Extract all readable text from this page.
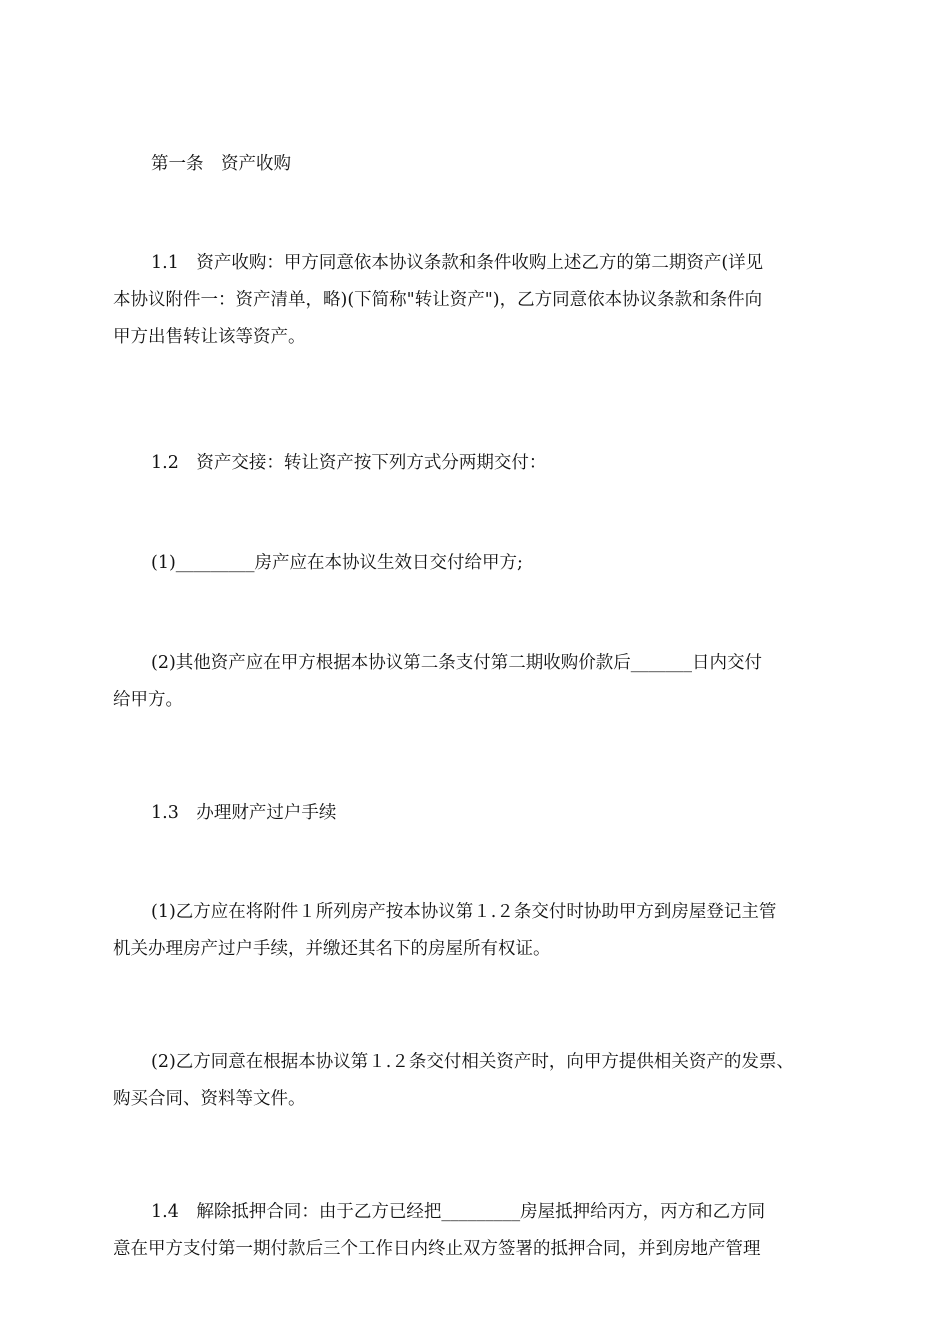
第一条　资产收购

1.1　资产收购：甲方同意依本协议条款和条件收购上述乙方的第二期资产(详见
本协议附件一：资产清单，略)(下简称"转让资产")，乙方同意依本协议条款和条件向
甲方出售转让该等资产。

1.2　资产交接：转让资产按下列方式分两期交付：

(1)_________房产应在本协议生效日交付给甲方;

(2)其他资产应在甲方根据本协议第二条支付第二期收购价款后_______日内交付
给甲方。

1.3　办理财产过户手续

(1)乙方应在将附件１所列房产按本协议第１.２条交付时协助甲方到房屋登记主管
机关办理房产过户手续，并缴还其名下的房屋所有权证。

(2)乙方同意在根据本协议第１.２条交付相关资产时，向甲方提供相关资产的发票、
购买合同、资料等文件。

1.4　解除抵押合同：由于乙方已经把_________房屋抵押给丙方，丙方和乙方同
意在甲方支付第一期付款后三个工作日内终止双方签署的抵押合同，并到房地产管理
